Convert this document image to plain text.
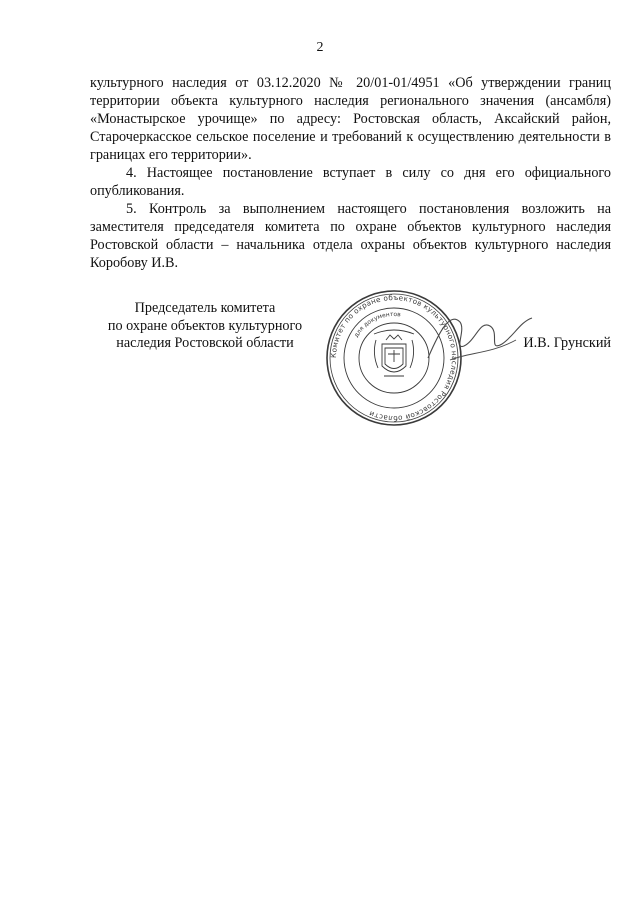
2

культурного наследия от 03.12.2020 № 20/01-01/4951 «Об утверждении границ территории объекта культурного наследия регионального значения (ансамбля) «Монастырское урочище» по адресу: Ростовская область, Аксайский район, Старочеркасское сельское поселение и требований к осуществлению деятельности в границах его территории».

4. Настоящее постановление вступает в силу со дня его официального опубликования.

5. Контроль за выполнением настоящего постановления возложить на заместителя председателя комитета по охране объектов культурного наследия Ростовской области – начальника отдела охраны объектов культурного наследия Коробову И.В.

Председатель комитета
по охране объектов культурного
наследия Ростовской области
Комитет по охране объектов культурного наследия Ростовской области
для документов
И.В. Грунский
